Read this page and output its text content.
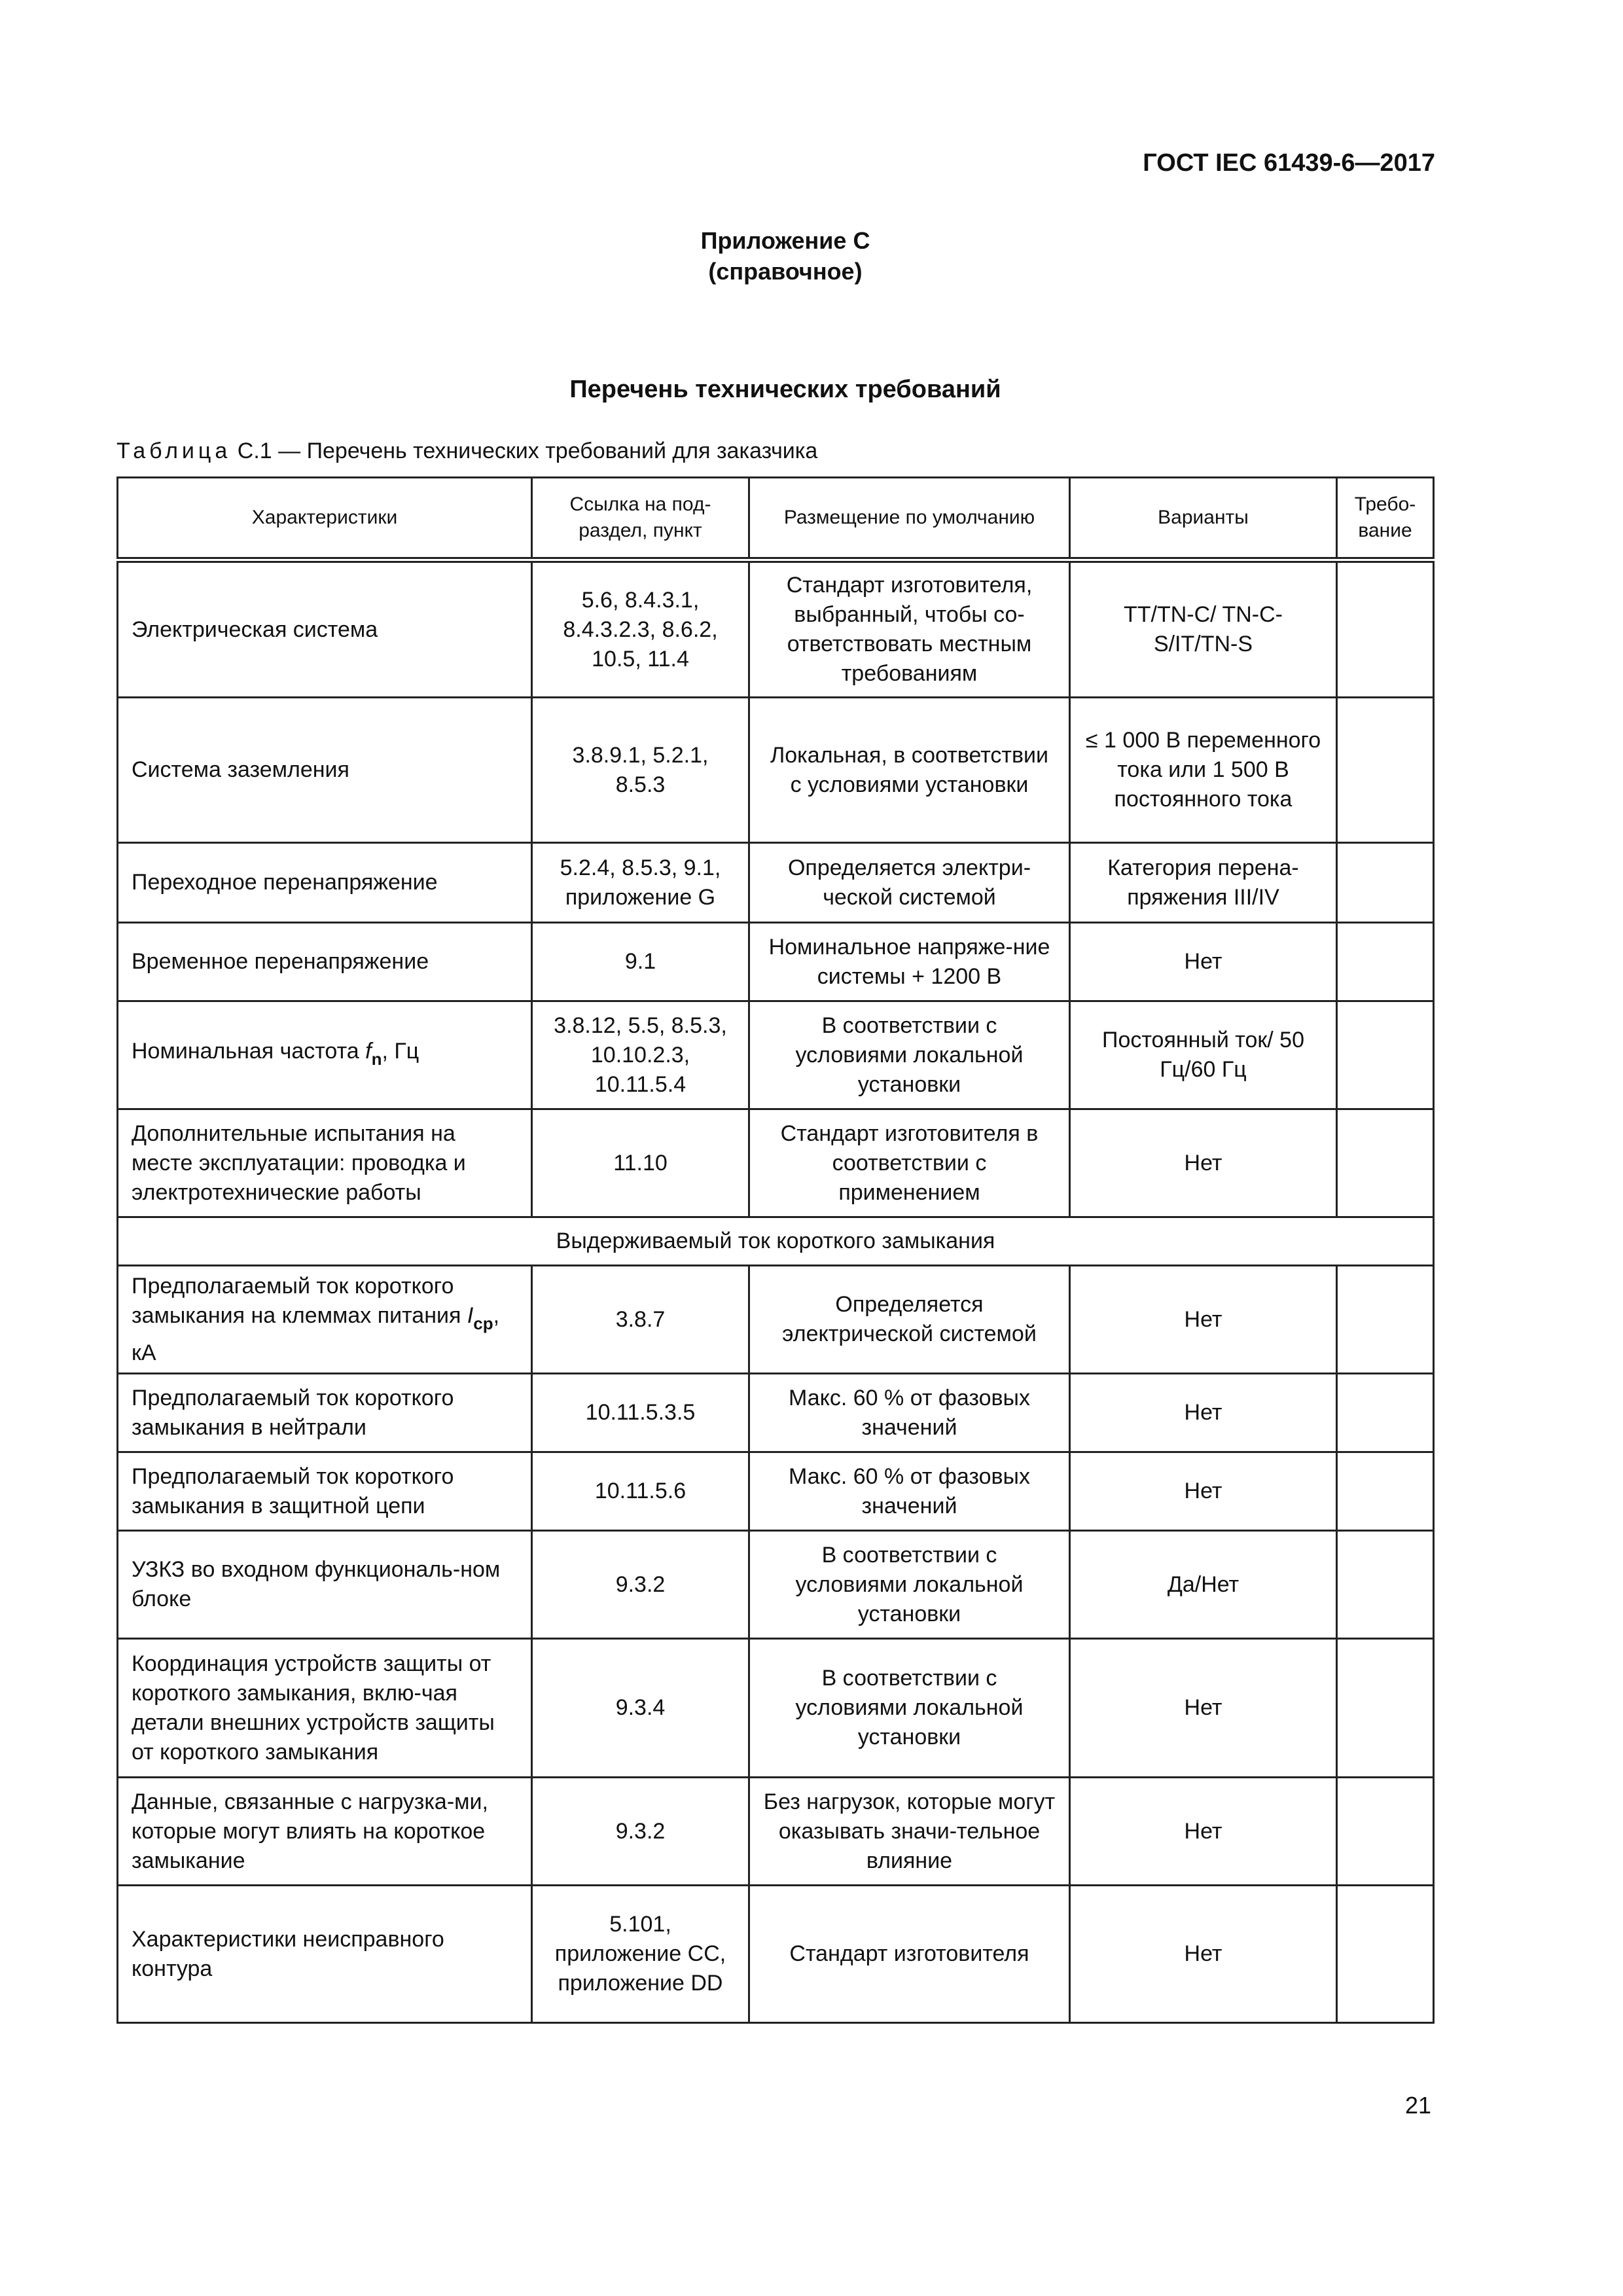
ГОСТ IEC 61439-6—2017
Приложение С
(справочное)
Перечень технических требований
Таблица С.1 — Перечень технических требований для заказчика
Характеристики	Ссылка на под-раздел, пункт	Размещение по умолчанию	Варианты	Требо-вание
Электрическая система	5.6, 8.4.3.1, 8.4.3.2.3, 8.6.2, 10.5, 11.4	Стандарт изготовителя, выбранный, чтобы со-ответствовать местным требованиям	ТТ/TN-C/ TN-C-S/IT/TN-S	
Система заземления	3.8.9.1, 5.2.1, 8.5.3	Локальная, в соответствии с условиями установки	≤ 1 000 В переменного тока или 1 500 В постоянного тока	
Переходное перенапряжение	5.2.4, 8.5.3, 9.1, приложение G	Определяется электри-ческой системой	Категория перена-пряжения III/IV	
Временное перенапряжение	9.1	Номинальное напряже-ние системы + 1200 В	Нет	
Номинальная частота $f_n$, Гц	3.8.12, 5.5, 8.5.3, 10.10.2.3, 10.11.5.4	В соответствии с условиями локальной установки	Постоянный ток/ 50 Гц/60 Гц	
Дополнительные испытания на месте эксплуатации: проводка и электротехнические работы	11.10	Стандарт изготовителя в соответствии с применением	Нет	
Выдерживаемый ток короткого замыкания				
Предполагаемый ток короткого замыкания на клеммах питания $I_{cp}$, кА	3.8.7	Определяется электрической системой	Нет	
Предполагаемый ток короткого замыкания в нейтрали	10.11.5.3.5	Макс. 60 % от фазовых значений	Нет	
Предполагаемый ток короткого замыкания в защитной цепи	10.11.5.6	Макс. 60 % от фазовых значений	Нет	
УЗКЗ во входном функциональ-ном блоке	9.3.2	В соответствии с условиями локальной установки	Да/Нет	
Координация устройств защиты от короткого замыкания, вклю-чая детали внешних устройств защиты от короткого замыкания	9.3.4	В соответствии с условиями локальной установки	Нет	
Данные, связанные с нагрузка-ми, которые могут влиять на короткое замыкание	9.3.2	Без нагрузок, которые могут оказывать значи-тельное влияние	Нет	
Характеристики неисправного контура	5.101, приложение СС, приложение DD	Стандарт изготовителя	Нет	
21
